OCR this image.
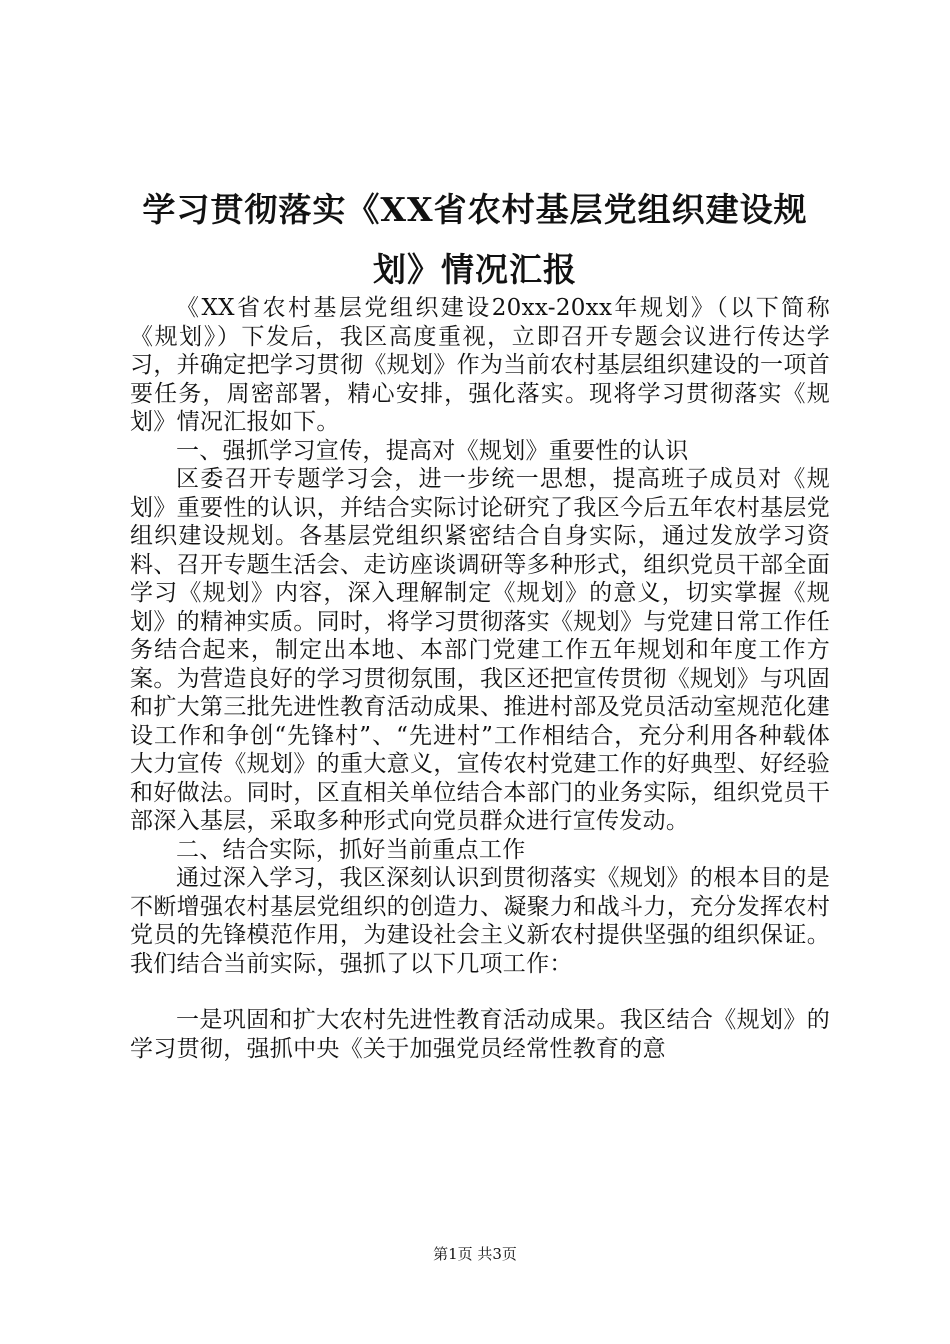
学习贯彻落实《XX省农村基层党组织建设规
划》情况汇报

《XX省农村基层党组织建设20xx-20xx年规划》（以下简称《规划》）下发后，我区高度重视，立即召开专题会议进行传达学习，并确定把学习贯彻《规划》作为当前农村基层组织建设的一项首要任务，周密部署，精心安排，强化落实。现将学习贯彻落实《规划》情况汇报如下。

一、强抓学习宣传，提高对《规划》重要性的认识

区委召开专题学习会，进一步统一思想，提高班子成员对《规划》重要性的认识，并结合实际讨论研究了我区今后五年农村基层党组织建设规划。各基层党组织紧密结合自身实际，通过发放学习资料、召开专题生活会、走访座谈调研等多种形式，组织党员干部全面学习《规划》内容，深入理解制定《规划》的意义，切实掌握《规划》的精神实质。同时，将学习贯彻落实《规划》与党建日常工作任务结合起来，制定出本地、本部门党建工作五年规划和年度工作方案。为营造良好的学习贯彻氛围，我区还把宣传贯彻《规划》与巩固和扩大第三批先进性教育活动成果、推进村部及党员活动室规范化建设工作和争创“先锋村”、“先进村”工作相结合，充分利用各种载体大力宣传《规划》的重大意义，宣传农村党建工作的好典型、好经验和好做法。同时，区直相关单位结合本部门的业务实际，组织党员干部深入基层，采取多种形式向党员群众进行宣传发动。

二、结合实际，抓好当前重点工作

通过深入学习，我区深刻认识到贯彻落实《规划》的根本目的是不断增强农村基层党组织的创造力、凝聚力和战斗力，充分发挥农村党员的先锋模范作用，为建设社会主义新农村提供坚强的组织保证。我们结合当前实际，强抓了以下几项工作：

一是巩固和扩大农村先进性教育活动成果。我区结合《规划》的学习贯彻，强抓中央《关于加强党员经常性教育的意

第1页 共3页
